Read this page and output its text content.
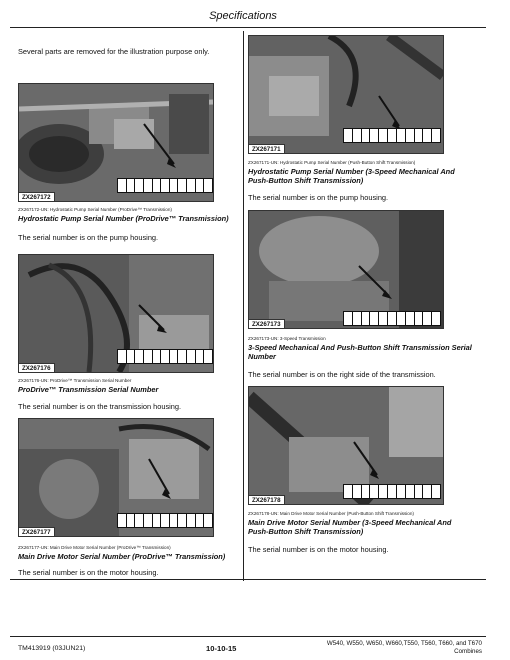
Specifications
Several parts are removed for the illustration purpose only.
ZX267172
ZX267172-UN: Hydrostatic Pump Serial Number (ProDrive™ Transmission)
Hydrostatic Pump Serial Number (ProDrive™ Transmission)
The serial number is on the pump housing.
ZX267176
ZX267176-UN: ProDrive™ Transmission Serial Number
ProDrive™ Transmission Serial Number
The serial number is on the transmission housing.
ZX267177
ZX267177-UN: Main Drive Motor Serial Number (ProDrive™ Transmission)
Main Drive Motor Serial Number (ProDrive™ Transmission)
The serial number is on the motor housing.
ZX267171
ZX267171-UN: Hydrostatic Pump Serial Number (Push-Button Shift Transmission)
Hydrostatic Pump Serial Number (3-Speed Mechanical And Push-Button Shift Transmission)
The serial number is on the pump housing.
ZX267173
ZX267173-UN: 3-Speed Transmission
3-Speed Mechanical And Push-Button Shift Transmission Serial Number
The serial number is on the right side of the transmission.
ZX267178
ZX267178-UN: Main Drive Motor Serial Number (Push-Button Shift Transmission)
Main Drive Motor Serial Number (3-Speed Mechanical And Push-Button Shift Transmission)
The serial number is on the motor housing.
TM413919 (03JUN21)	10-10-15
W540, W550, W650, W660,T550, T560, T660, and T670
Combines
